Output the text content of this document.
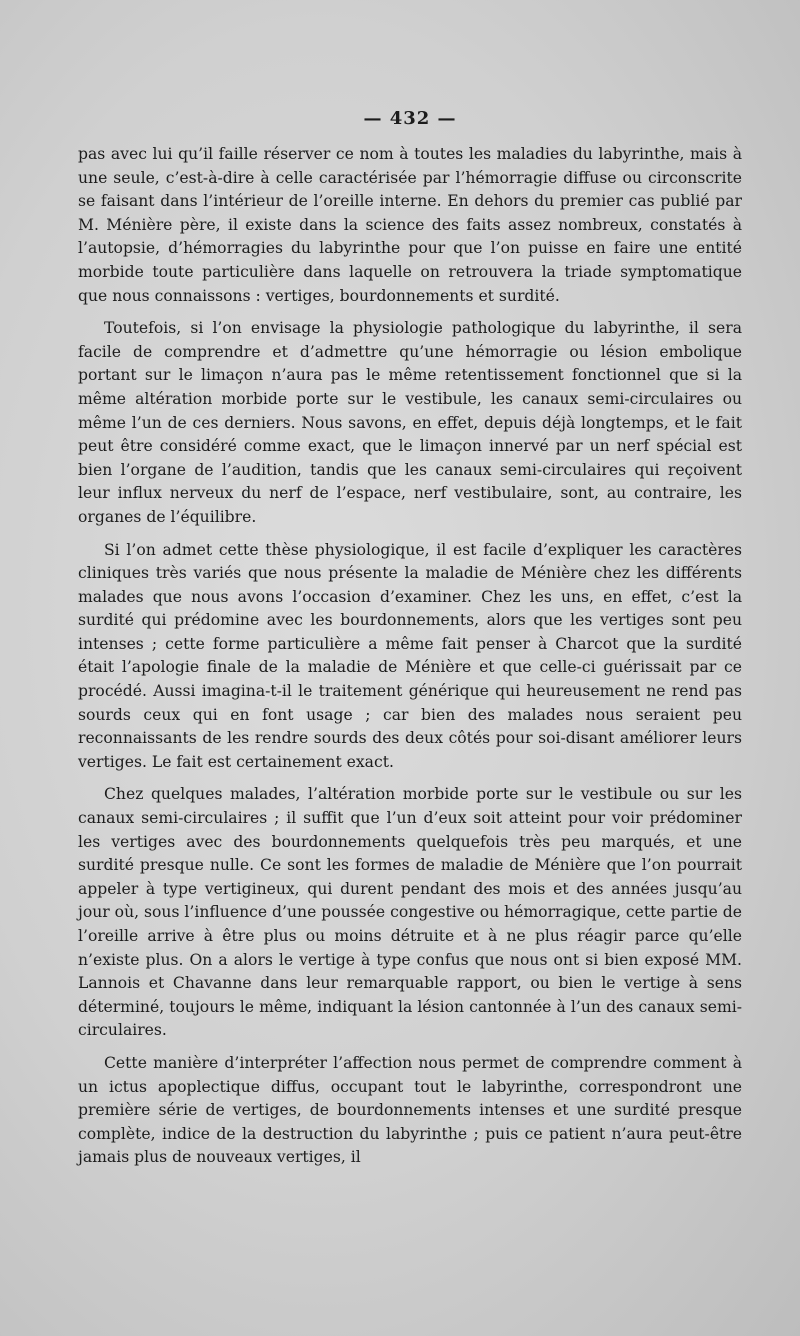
— 432 —

pas avec lui qu’il faille réserver ce nom à toutes les maladies du labyrinthe, mais à une seule, c’est-à-dire à celle caractérisée par l’hémorragie diffuse ou circonscrite se faisant dans l’intérieur de l’oreille interne. En dehors du premier cas publié par M. Ménière père, il existe dans la science des faits assez nombreux, constatés à l’autopsie, d’hémorragies du labyrinthe pour que l’on puisse en faire une entité morbide toute particulière dans laquelle on retrouvera la triade symptomatique que nous connaissons : vertiges, bourdonnements et surdité.

Toutefois, si l’on envisage la physiologie pathologique du labyrinthe, il sera facile de comprendre et d’admettre qu’une hémorragie ou lésion embolique portant sur le limaçon n’aura pas le même retentissement fonctionnel que si la même altération morbide porte sur le vestibule, les canaux semi-circulaires ou même l’un de ces derniers. Nous savons, en effet, depuis déjà longtemps, et le fait peut être considéré comme exact, que le limaçon innervé par un nerf spécial est bien l’organe de l’audition, tandis que les canaux semi-circulaires qui reçoivent leur influx nerveux du nerf de l’espace, nerf vestibulaire, sont, au contraire, les organes de l’équilibre.

Si l’on admet cette thèse physiologique, il est facile d’expliquer les caractères cliniques très variés que nous présente la maladie de Ménière chez les différents malades que nous avons l’occasion d’examiner. Chez les uns, en effet, c’est la surdité qui prédomine avec les bourdonnements, alors que les vertiges sont peu intenses ; cette forme particulière a même fait penser à Charcot que la surdité était l’apologie finale de la maladie de Ménière et que celle-ci guérissait par ce procédé. Aussi imagina-t-il le traitement générique qui heureusement ne rend pas sourds ceux qui en font usage ; car bien des malades nous seraient peu reconnaissants de les rendre sourds des deux côtés pour soi-disant améliorer leurs vertiges. Le fait est certainement exact.

Chez quelques malades, l’altération morbide porte sur le vestibule ou sur les canaux semi-circulaires ; il suffit que l’un d’eux soit atteint pour voir prédominer les vertiges avec des bourdonnements quelquefois très peu marqués, et une surdité presque nulle. Ce sont les formes de maladie de Ménière que l’on pourrait appeler à type vertigineux, qui durent pendant des mois et des années jusqu’au jour où, sous l’influence d’une poussée congestive ou hémorragique, cette partie de l’oreille arrive à être plus ou moins détruite et à ne plus réagir parce qu’elle n’existe plus. On a alors le vertige à type confus que nous ont si bien exposé MM. Lannois et Chavanne dans leur remarquable rapport, ou bien le vertige à sens déterminé, toujours le même, indiquant la lésion cantonnée à l’un des canaux semi-circulaires.

Cette manière d’interpréter l’affection nous permet de comprendre comment à un ictus apoplectique diffus, occupant tout le labyrinthe, correspondront une première série de vertiges, de bourdonnements intenses et une surdité presque complète, indice de la destruction du labyrinthe ; puis ce patient n’aura peut-être jamais plus de nouveaux vertiges, il
